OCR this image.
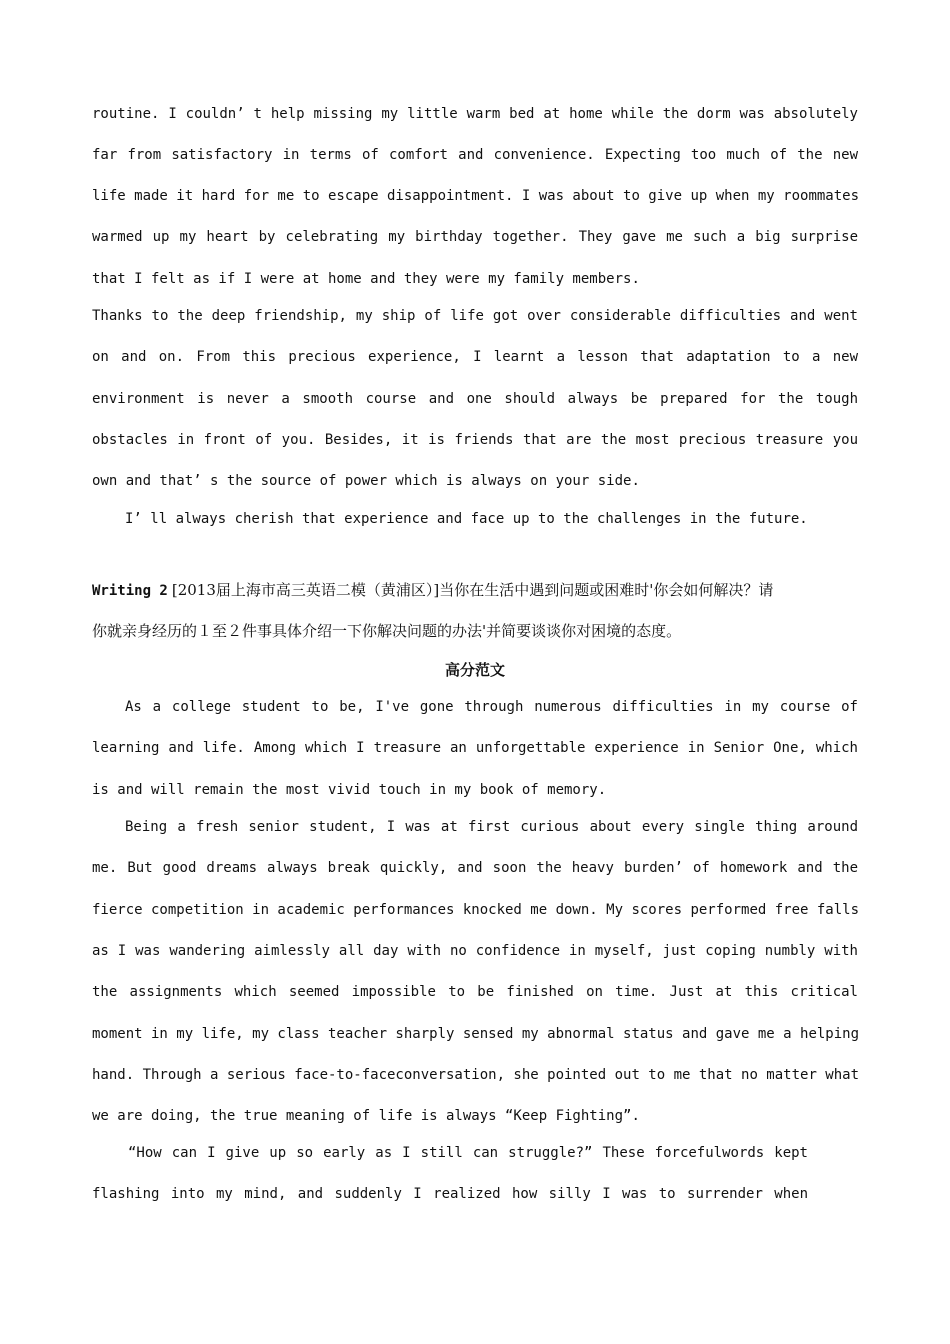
routine. I couldn’ t help missing my little warm bed at home while the dorm was absolutely
far from satisfactory in terms of comfort and convenience. Expecting too much of the new
life made it hard for me to escape disappointment. I was about to give up when my roommates
warmed up my heart by celebrating my birthday together. They gave me such a big surprise
that I felt as if I were at home and they were my family members.
Thanks to the deep friendship, my ship of life got over considerable difficulties and went
on and on. From this precious experience, I learnt a lesson that adaptation to a new
environment is never a smooth course and one should always be prepared for the tough
obstacles in front of you. Besides, it is friends that are the most precious treasure you
own and that’ s the source of power which is always on your side.
I’ ll always cherish that experience and face up to the challenges in the future.
Writing 2 [2013届上海市高三英语二模（黄浦区）]当你在生活中遇到问题或困难时'你会如何解决？请
你就亲身经历的１至２件事具体介绍一下你解决问题的办法'并简要谈谈你对困境的态度。
高分范文
As a college student to be, I've gone through numerous difficulties in my course of
learning and life. Among which I treasure an unforgettable experience in Senior One, which
is and will remain the most vivid touch in my book of memory.
Being a fresh senior student, I was at first curious about every single thing around
me. But good dreams always break quickly, and soon the heavy burden’ of homework and the
fierce competition in academic performances knocked me down. My scores performed free falls
as I was wandering aimlessly all day with no confidence in myself, just coping numbly with
the assignments which seemed impossible to be finished on time. Just at this critical
moment in my life, my class teacher sharply sensed my abnormal status and gave me a helping
hand. Through a serious face-to-faceconversation, she pointed out to me that no matter what
we are doing, the true meaning of life is always “Keep Fighting”.
“How can I give up so early as I still can struggle?” These forcefulwords kept
flashing into my mind, and suddenly I realized how silly I was to surrender when
